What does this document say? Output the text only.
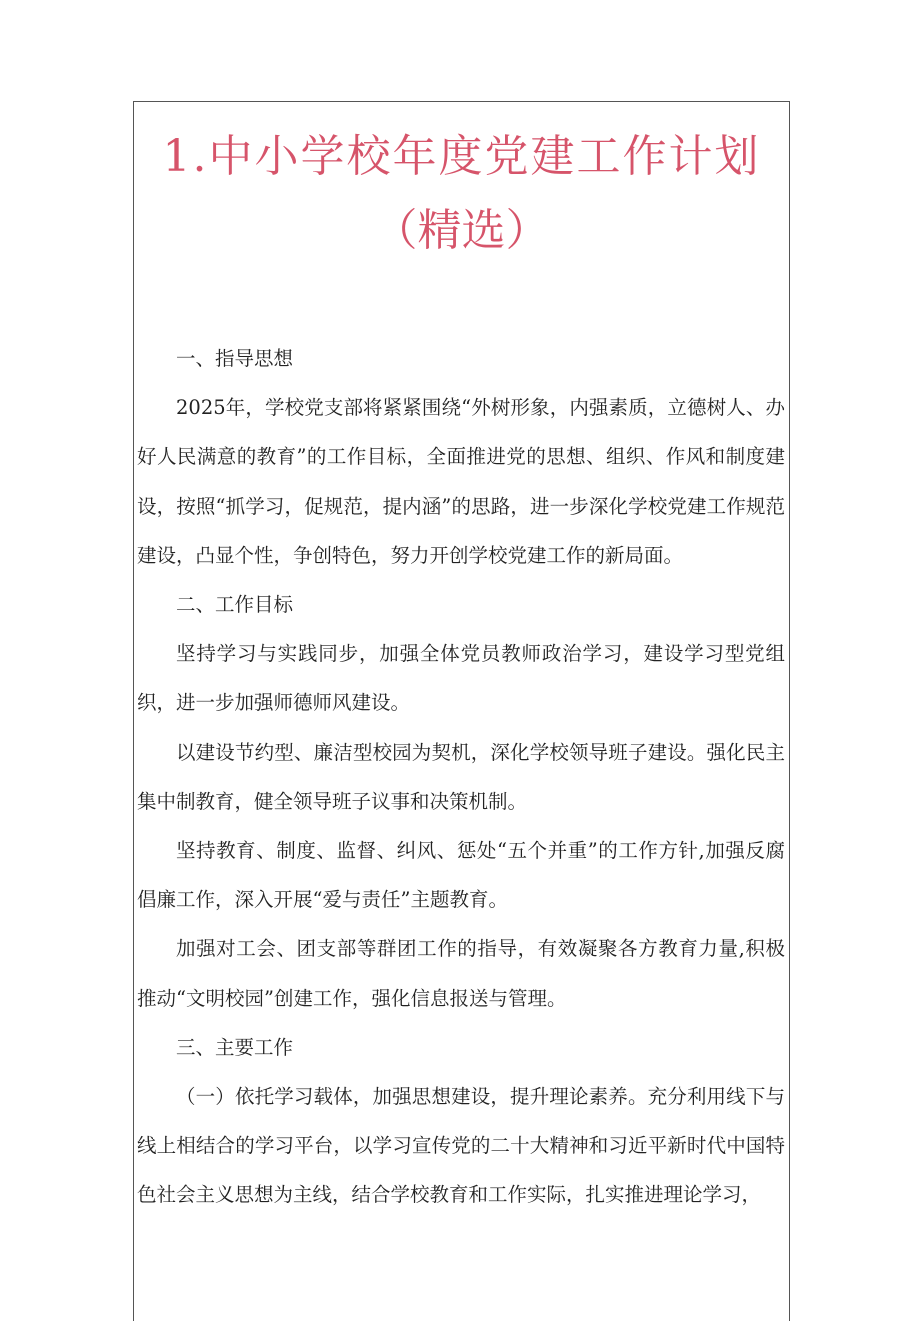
1.中小学校年度党建工作计划
（精选）

一、指导思想

2025年，学校党支部将紧紧围绕“外树形象，内强素质，立德树人、办好人民满意的教育”的工作目标，全面推进党的思想、组织、作风和制度建设，按照“抓学习，促规范，提内涵”的思路，进一步深化学校党建工作规范建设，凸显个性，争创特色，努力开创学校党建工作的新局面。

二、工作目标

坚持学习与实践同步，加强全体党员教师政治学习，建设学习型党组织，进一步加强师德师风建设。

以建设节约型、廉洁型校园为契机，深化学校领导班子建设。强化民主集中制教育，健全领导班子议事和决策机制。

坚持教育、制度、监督、纠风、惩处“五个并重”的工作方针,加强反腐倡廉工作，深入开展“爱与责任”主题教育。

加强对工会、团支部等群团工作的指导，有效凝聚各方教育力量,积极推动“文明校园”创建工作，强化信息报送与管理。

三、主要工作

（一）依托学习载体，加强思想建设，提升理论素养。充分利用线下与线上相结合的学习平台，以学习宣传党的二十大精神和习近平新时代中国特色社会主义思想为主线，结合学校教育和工作实际，扎实推进理论学习，
